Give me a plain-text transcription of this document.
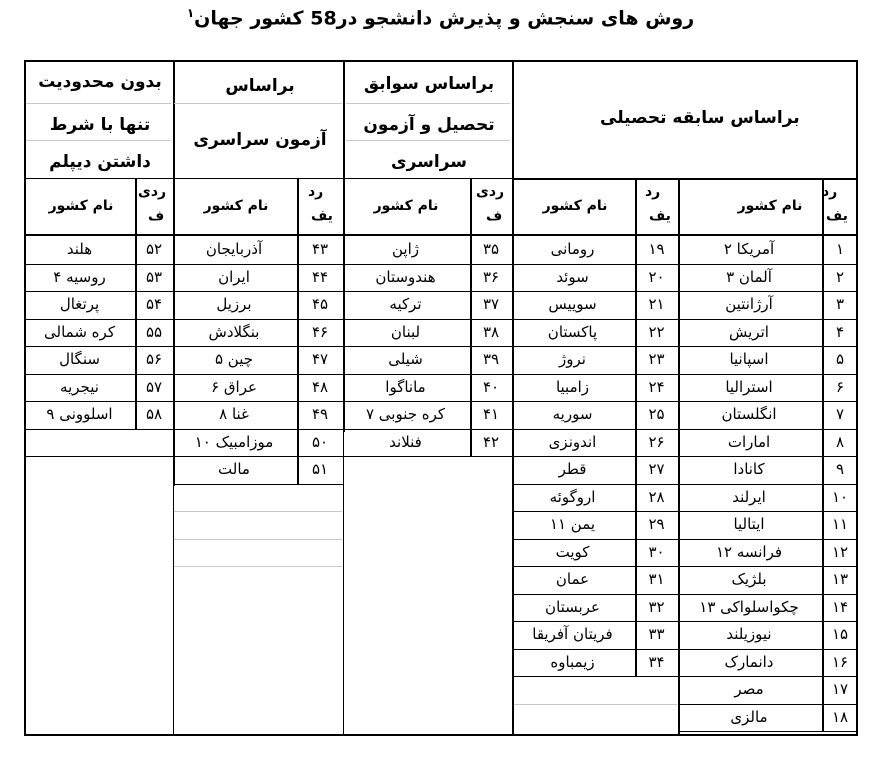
روش های سنجش و پذیرش دانشجو در58 کشور جهان$^۱$
براساس سابقه تحصیلی
براساس سوابق
تحصیل و آزمون
سراسری
براساس
آزمون سراسری
بدون محدودیت
تنها با شرط
داشتن دیپلم
نام کشور
رد
یف
نام کشور
رد
یف
نام کشور
ردی
ف
نام کشور
رد
یف
نام کشور
ردی
ف
۱
آمریکا ۲
۲
آلمان ۳
۳
آرژانتین
۴
اتریش
۵
اسپانیا
۶
استرالیا
۷
انگلستان
۸
امارات
۹
کانادا
۱۰
ایرلند
۱۱
ایتالیا
۱۲
فرانسه ۱۲
۱۳
بلژیک
۱۴
چکواسلواکی ۱۳
۱۵
نیوزیلند
۱۶
دانمارک
۱۷
مصر
۱۸
مالزی
۱۹
رومانی
۲۰
سوئد
۲۱
سوییس
۲۲
پاکستان
۲۳
نروژ
۲۴
زامبیا
۲۵
سوریه
۲۶
اندونزی
۲۷
قطر
۲۸
اروگوئه
۲۹
یمن ۱۱
۳۰
کویت
۳۱
عمان
۳۲
عربستان
۳۳
فریتان آفریقا
۳۴
زیمباوه
۳۵
ژاپن
۳۶
هندوستان
۳۷
ترکیه
۳۸
لبنان
۳۹
شیلی
۴۰
ماناگوا
۴۱
کره جنوبی ۷
۴۲
فنلاند
۴۳
آذربایجان
۴۴
ایران
۴۵
برزیل
۴۶
بنگلادش
۴۷
چین ۵
۴۸
عراق ۶
۴۹
غنا ۸
۵۰
موزامبیک ۱۰
۵۱
مالت
۵۲
هلند
۵۳
روسیه ۴
۵۴
پرتغال
۵۵
کره شمالی
۵۶
سنگال
۵۷
نیجریه
۵۸
اسلوونی ۹
